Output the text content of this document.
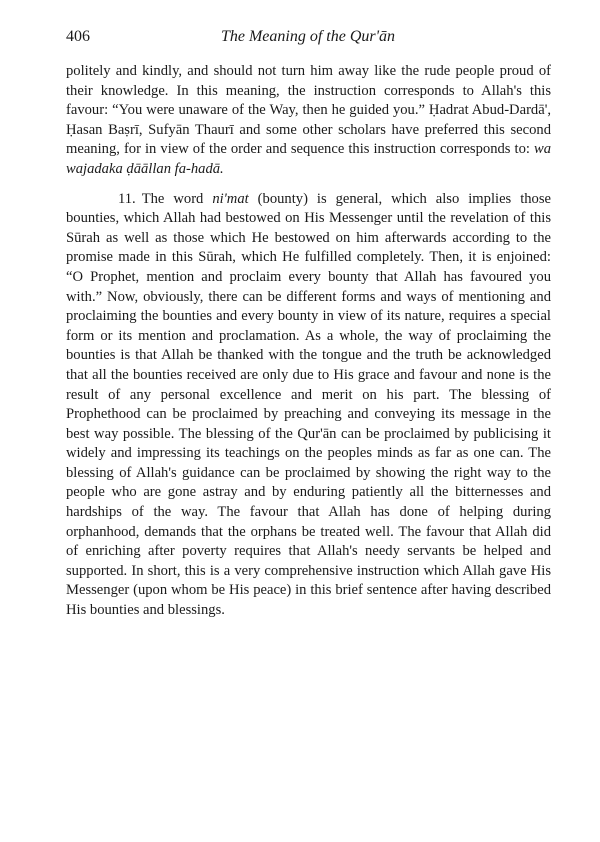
406	The Meaning of the Qur'ān

politely and kindly, and should not turn him away like the rude people proud of their knowledge. In this meaning, the instruction corresponds to Allah's this favour: “You were unaware of the Way, then he guided you.” Ḥadrat Abud-Dardā', Ḥasan Baṣrī, Sufyān Thaurī and some other scholars have preferred this second meaning, for in view of the order and sequence this instruction corresponds to: wa wajadaka ḍāāllan fa-hadā.

11. The word ni'mat (bounty) is general, which also implies those bounties, which Allah had bestowed on His Messenger until the revelation of this Sūrah as well as those which He bestowed on him afterwards according to the promise made in this Sūrah, which He fulfilled completely. Then, it is enjoined: “O Prophet, mention and proclaim every bounty that Allah has favoured you with.” Now, obviously, there can be different forms and ways of mentioning and proclaiming the bounties and every bounty in view of its nature, requires a special form or its mention and proclamation. As a whole, the way of proclaiming the bounties is that Allah be thanked with the tongue and the truth be acknowledged that all the bounties received are only due to His grace and favour and none is the result of any personal excellence and merit on his part. The blessing of Prophethood can be proclaimed by preaching and conveying its message in the best way possible. The blessing of the Qur'ān can be proclaimed by publicising it widely and impressing its teachings on the peoples minds as far as one can. The blessing of Allah's guidance can be proclaimed by showing the right way to the people who are gone astray and by enduring patiently all the bitternesses and hardships of the way. The favour that Allah has done of helping during orphanhood, demands that the orphans be treated well. The favour that Allah did of enriching after poverty requires that Allah's needy servants be helped and supported. In short, this is a very comprehensive instruction which Allah gave His Messenger (upon whom be His peace) in this brief sentence after having described His bounties and blessings.
